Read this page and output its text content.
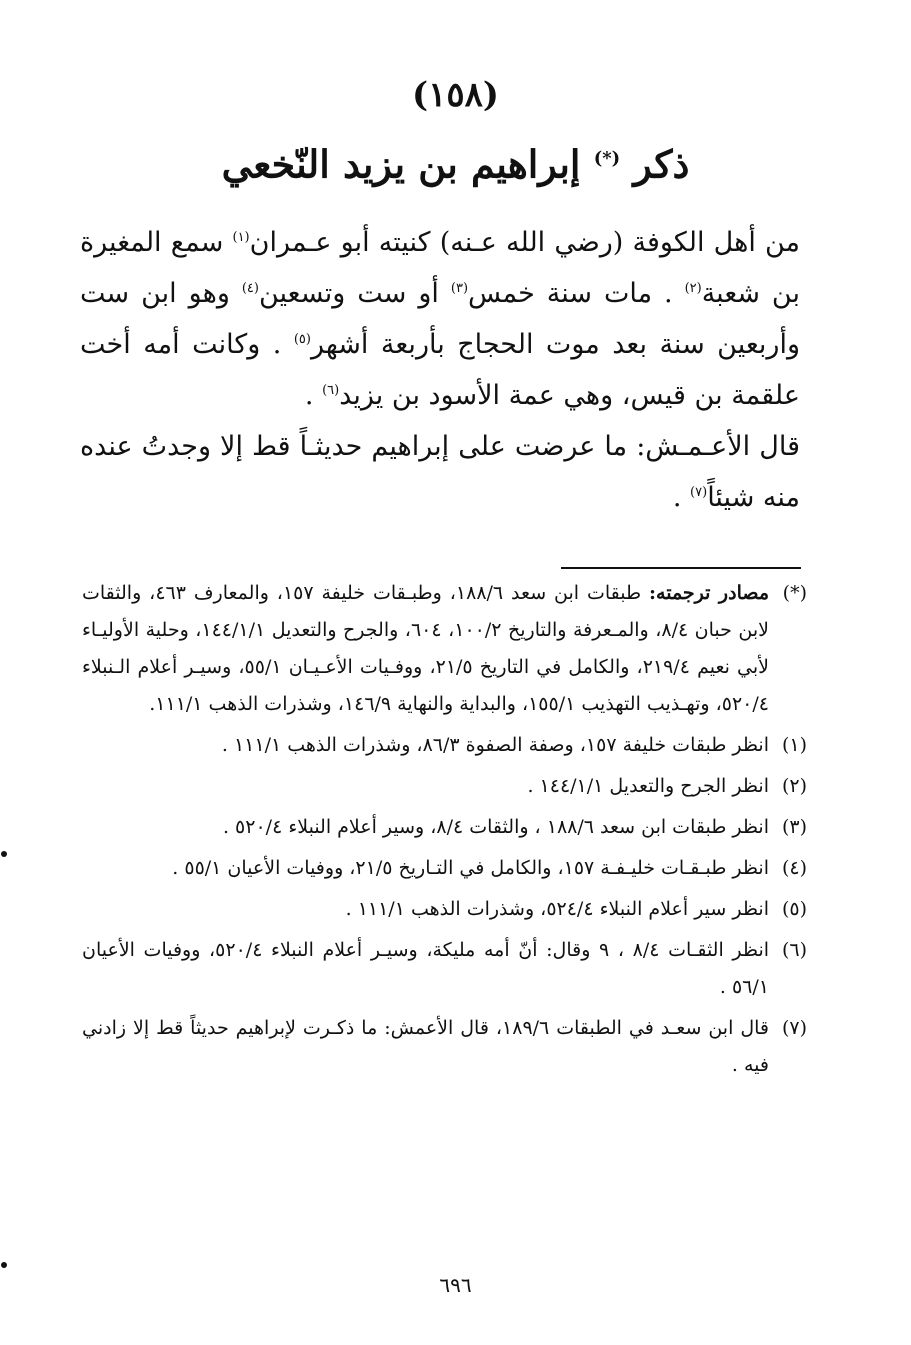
(١٥٨)
ذكر (*) إبراهيم بن يزيد النّخعي
من أهل الكوفة (رضي الله عـنه) كنيته أبو عـمران$^{(١)}$ سمع المغيرة بن شعبة$^{(٢)}$ . مات سنة خمس$^{(٣)}$ أو ست وتسعين$^{(٤)}$ وهو ابن ست وأربعين سنة بعد موت الحجاج بأربعة أشهر$^{(٥)}$ . وكانت أمه أخت علقمة بن قيس، وهي عمة الأسود بن يزيد$^{(٦)}$ .
قال الأعـمـش: ما عرضت على إبراهيم حديثـاً قط إلا وجدتُ عنده منه شيئاً$^{(٧)}$ .
(*)
مصادر ترجمته: طبقات ابن سعد ١٨٨/٦، وطبـقات خليفة ١٥٧، والمعارف ٤٦٣، والثقات لابن حبان ٨/٤، والمـعرفة والتاريخ ١٠٠/٢، ٦٠٤، والجرح والتعديل ١٤٤/١/١، وحلية الأوليـاء لأبي نعيم ٢١٩/٤، والكامل في التاريخ ٢١/٥، ووفـيات الأعـيـان ٥٥/١، وسيـر أعلام الـنبلاء ٥٢٠/٤، وتهـذيب التهذيب ١٥٥/١، والبداية والنهاية ١٤٦/٩، وشذرات الذهب ١١١/١.
(١)
انظر طبقات خليفة ١٥٧، وصفة الصفوة ٨٦/٣، وشذرات الذهب ١١١/١ .
(٢)
انظر الجرح والتعديل ١٤٤/١/١ .
(٣)
انظر طبقات ابن سعد ١٨٨/٦ ، والثقات ٨/٤، وسير أعلام النبلاء ٥٢٠/٤ .
(٤)
انظر طبـقـات خليـفـة ١٥٧، والكامل في التـاريخ ٢١/٥، ووفيات الأعيان ٥٥/١ .
(٥)
انظر سير أعلام النبلاء ٥٢٤/٤، وشذرات الذهب ١١١/١ .
(٦)
انظر الثقـات ٨/٤ ، ٩ وقال: أنّ أمه مليكة، وسيـر أعلام النبلاء ٥٢٠/٤، ووفيات الأعيان ٥٦/١ .
(٧)
قال ابن سعـد في الطبقات ١٨٩/٦، قال الأعمش: ما ذكـرت لإبراهيم حديثاً قط إلا زادني فيه .
٦٩٦
